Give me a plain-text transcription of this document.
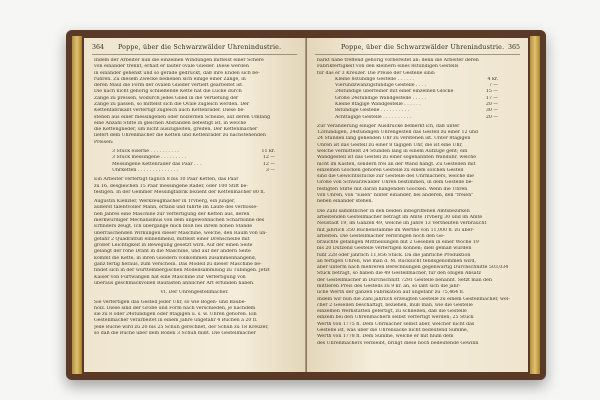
364 Poppe, über die Schwarzwälder Uhrenindustrie.
Indem der Arbeiter nun die einzelnen Windungen mittelst einer Schere
von einander trennt, erhält er lauter ovale Glieder. Diese werden
in einander gehenkt und so gerade gedrückt, daß ihre Enden sich be-
rühren. Zu diesem Zwecke bedienen sich einige einer Zange, in
deren Maul die Form der ovalen Glieder vertieft gearbeitet ist.
Die nach nicht gehörig schließende Kette hat die Lücke durch
Zange zu pressen, wodurch jedes Glied in die Vertiefung der
Zange zu passen, so mittelst sich die Ovale zugleich werden. Der
Kettenfabrikant verfertigt zugleich auch Kettenräder. Diese be-
stehen aus einer messingenen oder hölzernen Scheibe, auf deren Umfang
eine Anzahl Stifte in gleichen Abständen befestigt ist, in welche
die Kettenglieder, um nicht auszugleiten, greifen. Der Kettenmacher
liefert dem Uhrenmacher die Ketten und Kettenräder zu nachstehenden
Preisen:
3 Stück eiserne . . . . . . . . . .	11 kr.
3 Stück messingene . . . . . . . . .	12 —
Messingene Kettenräder das Paar . . .	12 —
Uhrketten . . . . . . . . . . . . . .	3 —
Ein Arbeiter verfertigt täglich 8 bis 10 Paar Ketten, das Paar
zu 16, desgleichen 15 Paar messingene Räder, oder 100 Stift be-
festigen. In der Gemmer Messingfabrik bezieht der Kettenmacher 80 fl.
Augustin Kienzler, Werkzeugmacher in Trvberg, ein junger,
äußerst talentvoller Mann, erfand und führte im Laufe des verflosse-
nen Jahres eine Maschine zur Verfertigung der Ketten aus, deren
merkwürdiger Mechanismus von dem ungewöhnlichen Scharfsinne des
Erfinders zeugt. Ich übergange mich bloß bei ihrem hohen Stande
überraschenden Wirkungen dieser Maschine, welche, den Raum von un-
gefähr 2 Quadratfuß einnehmend, mittelst einer Drehscheibe mit
großer Leichtigkeit in Bewegung gesetzt wird. Auf der einen Seite
gelangt der rohe Draht in die Maschine, und auf der andern Seite
kommt die Kette, in ihren Gliedern vollkommen zusammenhängend,
ganz fertig heraus, zum Verschein. Das Modell zu dieser Maschine be-
findet sich in der württembergischen Modellsammlung zu Tübingen. Jetzt
Kaiser von Furtwangen hat eine Maschine zur Verfertigung von
überaus geschmackvollen Baufasten ähnlicher Art erfunden haben.
VI. Der Uhrengestellmacher.
Sie verfertigen das Gestell jeder Uhr, so wie Bogen- und Baube-
holz. Diese sind der Größe und Form nach verschieden, je nachdem
sie zu 8 oder 24stündigen oder 8tägigen u. s. w. Uhren gehören. Ein
Gestellmacher verarbeitet in einem Jahre ungefähr 4 Buchen à 20 fl.
Jede Buche wird zu 20 bis 25 Schuh gerechnet, der Schuh zu 18 Kreuzer,
so daß die Buche über dem Boden 3 Schuh mißt. Die Gestellmacher
Poppe, über die Schwarzwälder Uhrenindustrie. 365
barkt nahe treffend gehörig vorbereitet an: denn die Arbeiter deren
Fabrikfertigkeit von den kleinern eines 8stündigen Gestells
für das er 3 Kreuzer. Die Preise der Gestelle sind:
Kleine 8stündige Gestelle . . . . . .	4 kr.
Vierundzwanzigstündige Gestelle . . . .	7 —
24stündige überfeiner mit einer einzelnen Glocke	15 —
Große 24stündige Wandgestelle . . . . .	17 —
Kleine 8tägige Wandgestelle . . . . . .	20 —
8stündige Gestelle . . . . . . . . . .	30 —
Achttägige Gestelle . . . . . . . . . .	20 —
Zur Veränderung einiger Ausdrücke bemerkt ich, daß unter
12stündigen, 24stündigen Uhrengestell das Gestell zu einer 12 und
24 Stunden lang gehenden Uhr zu verstehen ist. Unter 8tägigen
Uhren ist das Gestell zu einer 8 tägigen Uhr, die ist eine Uhr,
welche vermittelst 24 Stunden lang in einem Aufzuge geht; ein
Wandgestell ist das Gestell zu einer sogenannten Wanduhr, welche
nicht im Kasten, sondern frei an der Wand hängt. Zu Gestellen mit
einzelnen Glocken gehören Gestelle zu einem solchen Gestell
sind die Gewichtsstücke zur Gestelle des Uhrmachers, welche die
Größe von Schwarzwälder Uhren bestimmen, in dem Gestelle be-
festigten Stifte mit daran hängenden Glocken. Wenn die Uhren
von Uhren, von "Eisen" hinter einander, bei anderen, den "freien"
neben einander stehen.
Die Zahl sämmtlicher in den beiden inbegriffenen Amtsbezirken
arbeitenden Gestellmacher beträgt im Amte Trvberg 30 und im Amte
Neustadt 19, im Ganzen 49, welche im Jahre 13 Vertheilten verbraucht
mit jährlich 350 Buchenstämme im Werthe von 11,000 fl. zu über-
arbeiten. Die Gestellmacher verbringen noch den Ge-
brauchte gefälligen Mittheilungen mit 2 Gesellen in einer Woche 19
bis 20 Dutzend Gestelle verfertigen können; dieß gemäß würden
fünf 228 oder jährlich 11,856 Stück. Da die jährliche Produktion
an fertigen Uhren, wie man d. M. Rücksicht tendsgenommen wird,
aber unterm nach mehreren Berechnungen gegenwärtig Durchschnitte 503,034
Stück beträgt, so haben die 49 Gestellmacher, für den obigen Absatz
der Gestellmacher in Durchschnitt 7291 Gestelle benannt. Setzt man den
mittleren Preis des Gestells zu 9 kr. an, so läßt sich die jähr-
liche Werth der ganzen Fabrikation auf ungefähr zu 75,464 fl.
Indem wir nun die Zahl jährlich erzeugten Gestelle zu einem Gestellmacher, wel-
cher 2 Gesellen beschäftigt, beziehen, muß man, wie die Gestelle
einzelnen Werkstätten gefertigt, zu schließen, daß die Gestelle
einzeln bei den Uhrenmachern selbst verfertigt werden; 25 Stück
Werth von 1775 fl. Dem Uhrmacher selbst aber, welcher nicht das
Gestelle ist, was über die Uhrensacke nicht bedeutend Summe,
Werth von 1778 fl. Dem Summe, welche er mit hlum dem
des Uhrenmachers verbleibt, bringt diese noch bedeutende Gewinn
